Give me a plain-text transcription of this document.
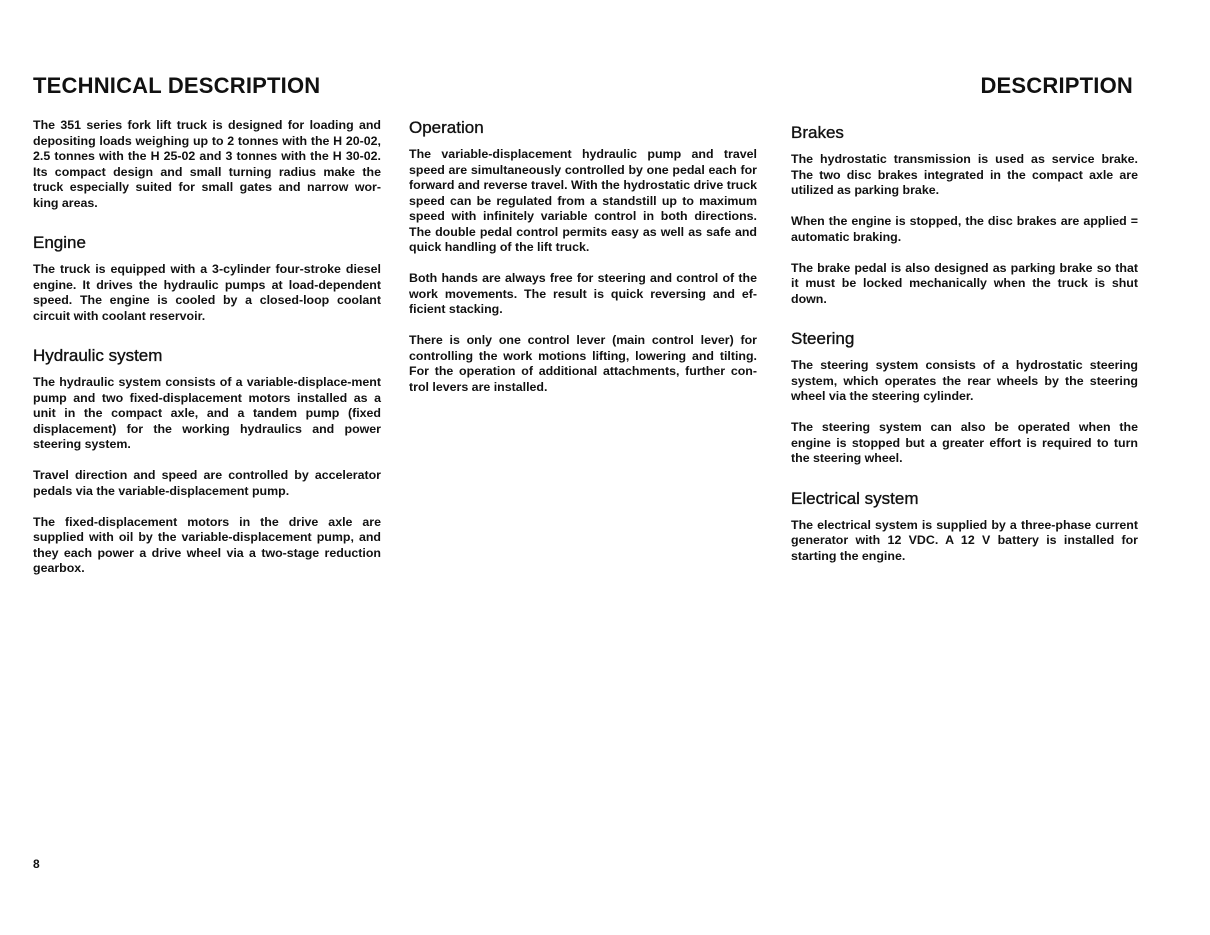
TECHNICAL DESCRIPTION	DESCRIPTION

The 351 series fork lift truck is designed for loading and depositing loads weighing up to 2 tonnes with the H 20-02, 2.5 tonnes with the H 25-02 and 3 tonnes with the H 30-02. Its compact design and small turning radius make the truck especially suited for small gates and narrow wor-king areas.

Engine

The truck is equipped with a 3-cylinder four-stroke diesel engine. It drives the hydraulic pumps at load-dependent speed. The engine is cooled by a closed-loop coolant circuit with coolant reservoir.

Hydraulic system

The hydraulic system consists of a variable-displace-ment pump and two fixed-displacement motors installed as a unit in the compact axle, and a tandem pump (fixed displacement) for the working hydraulics and power steering system.

Travel direction and speed are controlled by accelerator pedals via the variable-displacement pump.

The fixed-displacement motors in the drive axle are supplied with oil by the variable-displacement pump, and they each power a drive wheel via a two-stage reduction gearbox.

Operation

The variable-displacement hydraulic pump and travel speed are simultaneously controlled by one pedal each for forward and reverse travel. With the hydrostatic drive truck speed can be regulated from a standstill up to maximum speed with infinitely variable control in both directions. The double pedal control permits easy as well as safe and quick handling of the lift truck.

Both hands are always free for steering and control of the work movements. The result is quick reversing and ef-ficient stacking.

There is only one control lever (main control lever) for controlling the work motions lifting, lowering and tilting. For the operation of additional attachments, further con-trol levers are installed.

Brakes

The hydrostatic transmission is used as service brake. The two disc brakes integrated in the compact axle are utilized as parking brake.

When the engine is stopped, the disc brakes are applied = automatic braking.

The brake pedal is also designed as parking brake so that it must be locked mechanically when the truck is shut down.

Steering

The steering system consists of a hydrostatic steering system, which operates the rear wheels by the steering wheel via the steering cylinder.

The steering system can also be operated when the engine is stopped but a greater effort is required to turn the steering wheel.

Electrical system

The electrical system is supplied by a three-phase current generator with 12 VDC. A 12 V battery is installed for starting the engine.

8
